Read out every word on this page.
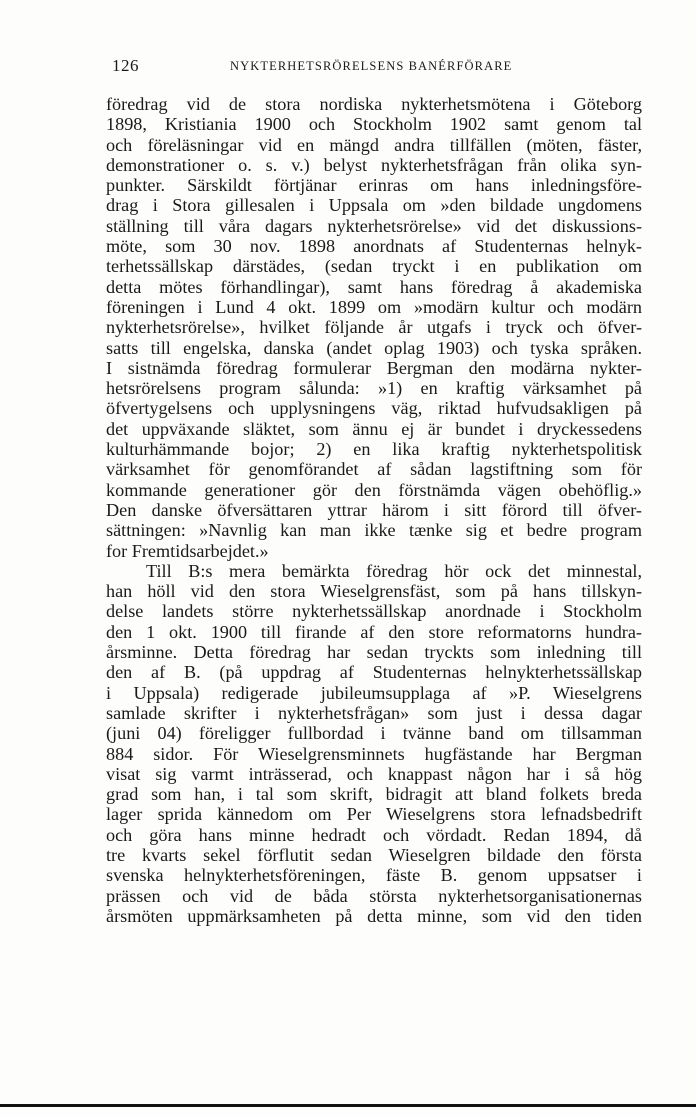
126	NYKTERHETSRÖRELSENS BANÉRFÖRARE
föredrag vid de stora nordiska nykterhetsmötena i Göteborg
1898, Kristiania 1900 och Stockholm 1902 samt genom tal
och föreläsningar vid en mängd andra tillfällen (möten, fäster,
demonstrationer o. s. v.) belyst nykterhetsfrågan från olika syn-
punkter. Särskildt förtjänar erinras om hans inledningsföre-
drag i Stora gillesalen i Uppsala om »den bildade ungdomens
ställning till våra dagars nykterhetsrörelse» vid det diskussions-
möte, som 30 nov. 1898 anordnats af Studenternas helnyk-
terhetssällskap därstädes, (sedan tryckt i en publikation om
detta mötes förhandlingar), samt hans föredrag å akademiska
föreningen i Lund 4 okt. 1899 om »modärn kultur och modärn
nykterhetsrörelse», hvilket följande år utgafs i tryck och öfver-
satts till engelska, danska (andet oplag 1903) och tyska språken.
I sistnämda föredrag formulerar Bergman den modärna nykter-
hetsrörelsens program sålunda: »1) en kraftig värksamhet på
öfvertygelsens och upplysningens väg, riktad hufvudsakligen på
det uppväxande släktet, som ännu ej är bundet i dryckessedens
kulturhämmande bojor; 2) en lika kraftig nykterhetspolitisk
värksamhet för genomförandet af sådan lagstiftning som för
kommande generationer gör den förstnämda vägen obehöflig.»
Den danske öfversättaren yttrar härom i sitt förord till öfver-
sättningen: »Navnlig kan man ikke tænke sig et bedre program
for Fremtidsarbejdet.»
Till B:s mera bemärkta föredrag hör ock det minnestal,
han höll vid den stora Wieselgrensfäst, som på hans tillskyn-
delse landets större nykterhetssällskap anordnade i Stockholm
den 1 okt. 1900 till firande af den store reformatorns hundra-
årsminne. Detta föredrag har sedan tryckts som inledning till
den af B. (på uppdrag af Studenternas helnykterhetssällskap
i Uppsala) redigerade jubileumsupplaga af »P. Wieselgrens
samlade skrifter i nykterhetsfrågan» som just i dessa dagar
(juni 04) föreligger fullbordad i tvänne band om tillsamman
884 sidor. För Wieselgrensminnets hugfästande har Bergman
visat sig varmt inträsserad, och knappast någon har i så hög
grad som han, i tal som skrift, bidragit att bland folkets breda
lager sprida kännedom om Per Wieselgrens stora lefnadsbedrift
och göra hans minne hedradt och vördadt. Redan 1894, då
tre kvarts sekel förflutit sedan Wieselgren bildade den första
svenska helnykterhetsföreningen, fäste B. genom uppsatser i
prässen och vid de båda största nykterhetsorganisationernas
årsmöten uppmärksamheten på detta minne, som vid den tiden
